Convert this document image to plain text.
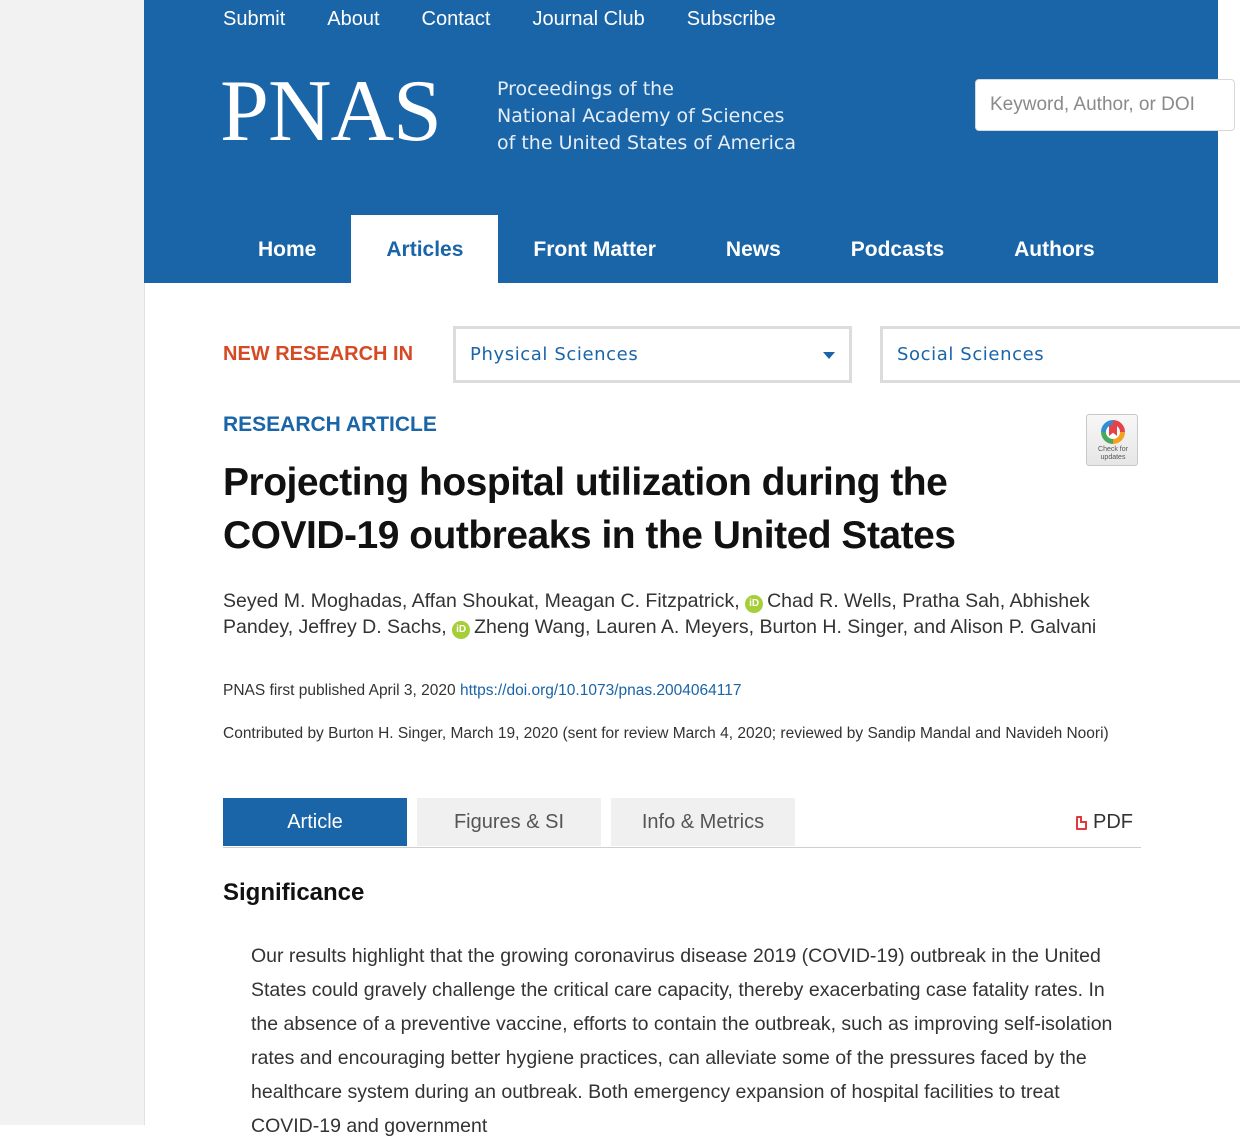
Submit About Contact Journal Club Subscribe
PNAS	Proceedings of the
National Academy of Sciences
of the United States of America
Keyword, Author, or DOI
Home	Articles	Front Matter	News	Podcasts	Authors
NEW RESEARCH IN	Physical Sciences	Social Sciences
RESEARCH ARTICLE
Check for updates
Projecting hospital utilization during the COVID-19 outbreaks in the United States
Seyed M. Moghadas, Affan Shoukat, Meagan C. Fitzpatrick, iD Chad R. Wells, Pratha Sah, Abhishek Pandey, Jeffrey D. Sachs, iD Zheng Wang, Lauren A. Meyers, Burton H. Singer, and Alison P. Galvani
PNAS first published April 3, 2020 https://doi.org/10.1073/pnas.2004064117
Contributed by Burton H. Singer, March 19, 2020 (sent for review March 4, 2020; reviewed by Sandip Mandal and Navideh Noori)
Article	Figures & SI	Info & Metrics	PDF
Significance
Our results highlight that the growing coronavirus disease 2019 (COVID-19) outbreak in the United States could gravely challenge the critical care capacity, thereby exacerbating case fatality rates. In the absence of a preventive vaccine, efforts to contain the outbreak, such as improving self-isolation rates and encouraging better hygiene practices, can alleviate some of the pressures faced by the healthcare system during an outbreak. Both emergency expansion of hospital facilities to treat COVID-19 and government
